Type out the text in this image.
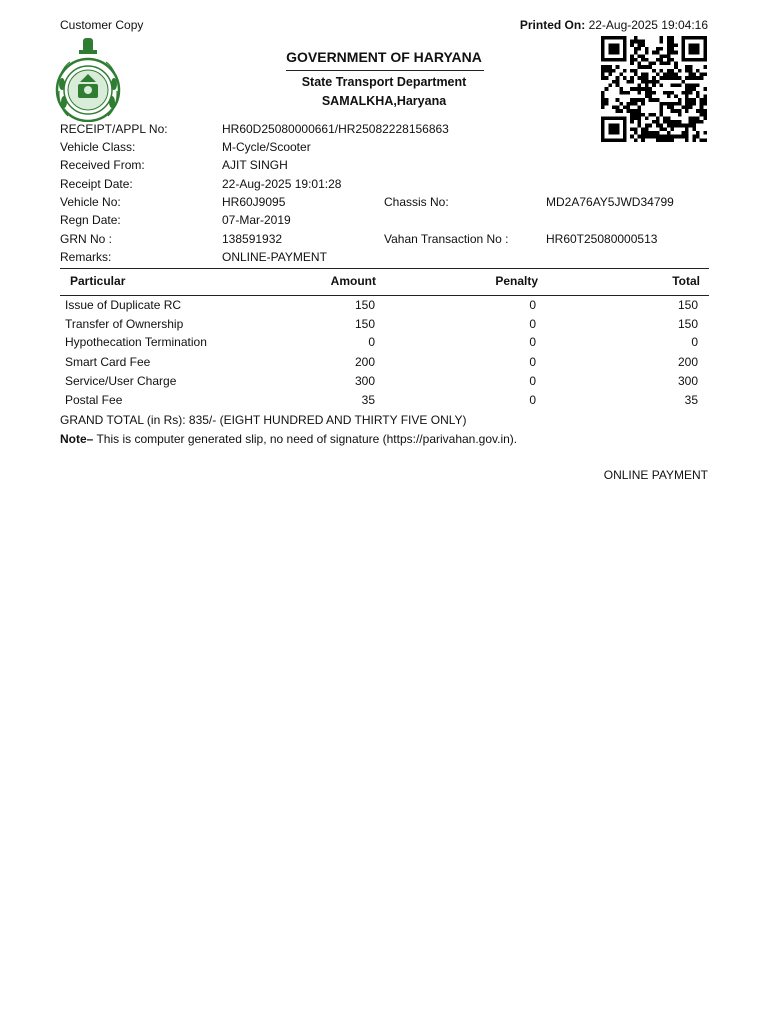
Customer Copy	Printed On: 22-Aug-2025 19:04:16
GOVERNMENT OF HARYANA
State Transport Department
SAMALKHA,Haryana
RECEIPT/APPL No:	HR60D25080000661/HR25082228156863
Vehicle Class:	M-Cycle/Scooter
Received From:	AJIT SINGH
Receipt Date:	22-Aug-2025 19:01:28
Vehicle No:	HR60J9095	Chassis No:	MD2A76AY5JWD34799
Regn Date:	07-Mar-2019
GRN No :	138591932	Vahan Transaction No :	HR60T25080000513
Remarks:	ONLINE-PAYMENT
Particular	Amount	Penalty	Total
Issue of Duplicate RC	150	0	150
Transfer of Ownership	150	0	150
Hypothecation Termination	0	0	0
Smart Card Fee	200	0	200
Service/User Charge	300	0	300
Postal Fee	35	0	35
GRAND TOTAL (in Rs): 835/- (EIGHT HUNDRED AND THIRTY FIVE ONLY)
Note– This is computer generated slip, no need of signature (https://parivahan.gov.in).
ONLINE PAYMENT
